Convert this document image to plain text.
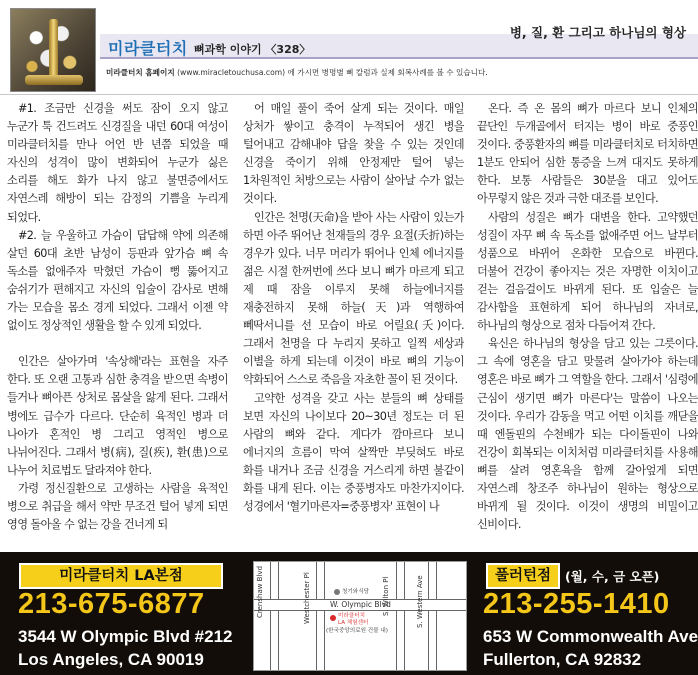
미라클터치 뼈과학 이야기 〈328〉
병, 질, 환 그리고 하나님의 형상
미라클터치 홈페이지 (www.miracletouchusa.com) 에 가시면 병명별 뼈 칼럼과 실제 회복사례를 볼 수 있습니다.

#1. 조금만 신경을 써도 잠이 오지 않고 누군가 툭 건드려도 신경질을 내던 60대 여성이 미라클터치를 만나 어언 반 년쯤 되었을 때 자신의 성격이 많이 변화되어 누군가 싫은 소리를 해도 화가 나지 않고 불면증에서도 자연스레 해방이 되는 감정의 기쁨을 누리게 되었다.

#2. 늘 우울하고 가슴이 답답해 약에 의존해 살던 60대 초반 남성이 등판과 앞가슴 뼈 속 독소를 없애주자 막혔던 가슴이 뻥 뚫어지고 숨쉬기가 편해지고 자신의 입술이 감사로 변해 가는 모습을 몸소 경게 되었다. 그래서 이젠 약 없이도 정상적인 생활을 할 수 있게 되었다.

인간은 살아가며 '속상해'라는 표현을 자주 한다. 또 오랜 고통과 심한 충격을 받으면 속병이 들거나 뼈아픈 상처로 몸살을 앓게 된다. 그래서 병에도 급수가 다르다. 단순히 육적인 병과 더 나아가 혼적인 병 그리고 영적인 병으로 나뉘어진다. 그래서 병(病), 질(疾), 환(患)으로 나누어 치료법도 달라져야 한다.

가령 정신질환으로 고생하는 사람을 육적인 병으로 취급을 해서 약만 무조건 털어 넣게 되면 영영 돌아올 수 없는 강을 건너게 되

어 매일 풀이 죽어 살게 되는 것이다. 매일 상처가 쌓이고 충격이 누적되어 생긴 병을 털어내고 감해내야 답을 찾을 수 있는 것인데 신경을 죽이기 위해 안정제만 털어 넣는 1차원적인 처방으로는 사람이 살아날 수가 없는 것이다.

인간은 천명(天命)을 받아 사는 사람이 있는가 하면 아주 뛰어난 천재들의 경우 요절(夭折)하는 경우가 있다. 너무 머리가 뛰어나 인체 에너지를 젊은 시절 한꺼번에 쓰다 보니 뼈가 마르게 되고 제 때 잠을 이루지 못해 하늘에너지를 재충전하지 못해 하늘(天)과 역행하여 뻬딱서니를 선 모습이 바로 어릴요(夭)이다. 그래서 천명을 다 누리지 못하고 일찍 세상과 이별을 하게 되는데 이것이 바로 뼈의 기능이 약화되어 스스로 죽음을 자초한 꼴이 된 것이다.

고약한 성격을 갖고 사는 분들의 뼈 상태를 보면 자신의 나이보다 20~30년 정도는 더 된 사람의 뼈와 같다. 게다가 깜마르다 보니 에너지의 흐름이 막여 살짝만 부딪혀도 바로 화를 내거나 조금 신경을 거스리게 하면 불같이 화를 내게 된다. 이는 중풍병자도 마찬가지이다. 성경에서 '혈기마른자=중풍병자' 표현이 나

온다. 즉 온 몸의 뼈가 마르다 보니 인체의 끝단인 두개골에서 터지는 병이 바로 중풍인 것이다. 중풍환자의 뼈를 미라클터치로 터치하면 1분도 안되어 심한 통증을 느껴 대지도 못하게 한다. 보통 사람들은 30분을 대고 있어도 아무렇지 않은 것과 극한 대조를 보인다.

사람의 성질은 뼈가 대변을 한다. 고약했던 성질이 자꾸 뼈 속 독소를 없애주면 어느 날부터 성품으로 바뀌어 온화한 모습으로 바뀐다. 더불어 건강이 좋아지는 것은 자명한 이치이고 걷는 걸음걸이도 바뀌게 된다. 또 입술은 늘 감사함을 표현하게 되어 하나님의 자녀로, 하나님의 형상으로 점차 다듬어져 간다.

육신은 하나님의 형상을 담고 있는 그릇이다. 그 속에 영혼을 담고 맞물려 살아가야 하는데 영혼은 바로 뼈가 그 역할을 한다. 그래서 '심령에 근심이 생기면 뼈가 마른다'는 말씀이 나오는 것이다. 우리가 감동을 먹고 어떤 이치를 깨닫을 때 엔돌핀의 수천배가 되는 다이돌핀이 나와 건강이 회복되는 이치처럼 미라클터치를 사용해 뼈를 살려 영혼육을 함께 갈아엎게 되면 자연스레 창조주 하나님이 원하는 형상으로 바뀌게 될 것이다. 이것이 생명의 비밀이고 신비이다.

미라클터치 LA본점
213-675-6877
3544 W Olympic Blvd #212
Los Angeles, CA 90019
Crenshaw Blvd	Westchester Pl	S. Wilton Pl	S. Western Ave
W. Olympic Blvd
청기와식당
미라클터치
LA 체험센터
(한국중앙의료원 건물 내)
풀러턴점	(월, 수, 금 오픈)
213-255-1410
653 W Commonwealth Ave
Fullerton, CA 92832
